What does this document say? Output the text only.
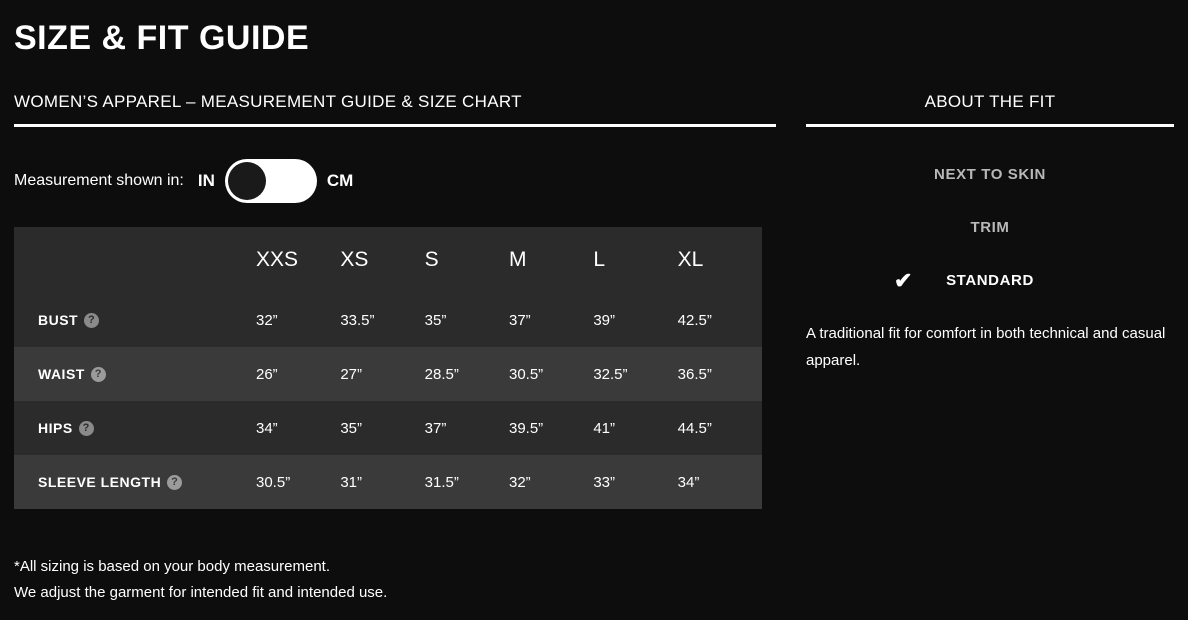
SIZE & FIT GUIDE
WOMEN’S APPAREL – MEASUREMENT GUIDE & SIZE CHART
Measurement shown in: IN	CM
	XXS	XS	S	M	L	XL
BUST ?	32”	33.5”	35”	37”	39”	42.5”
WAIST ?	26”	27”	28.5”	30.5”	32.5”	36.5”
HIPS ?	34”	35”	37”	39.5”	41”	44.5”
SLEEVE LENGTH ?	30.5”	31”	31.5”	32”	33”	34”
*All sizing is based on your body measurement.
We adjust the garment for intended fit and intended use.
ABOUT THE FIT
NEXT TO SKIN
TRIM
✔ STANDARD
A traditional fit for comfort in both technical and casual apparel.
